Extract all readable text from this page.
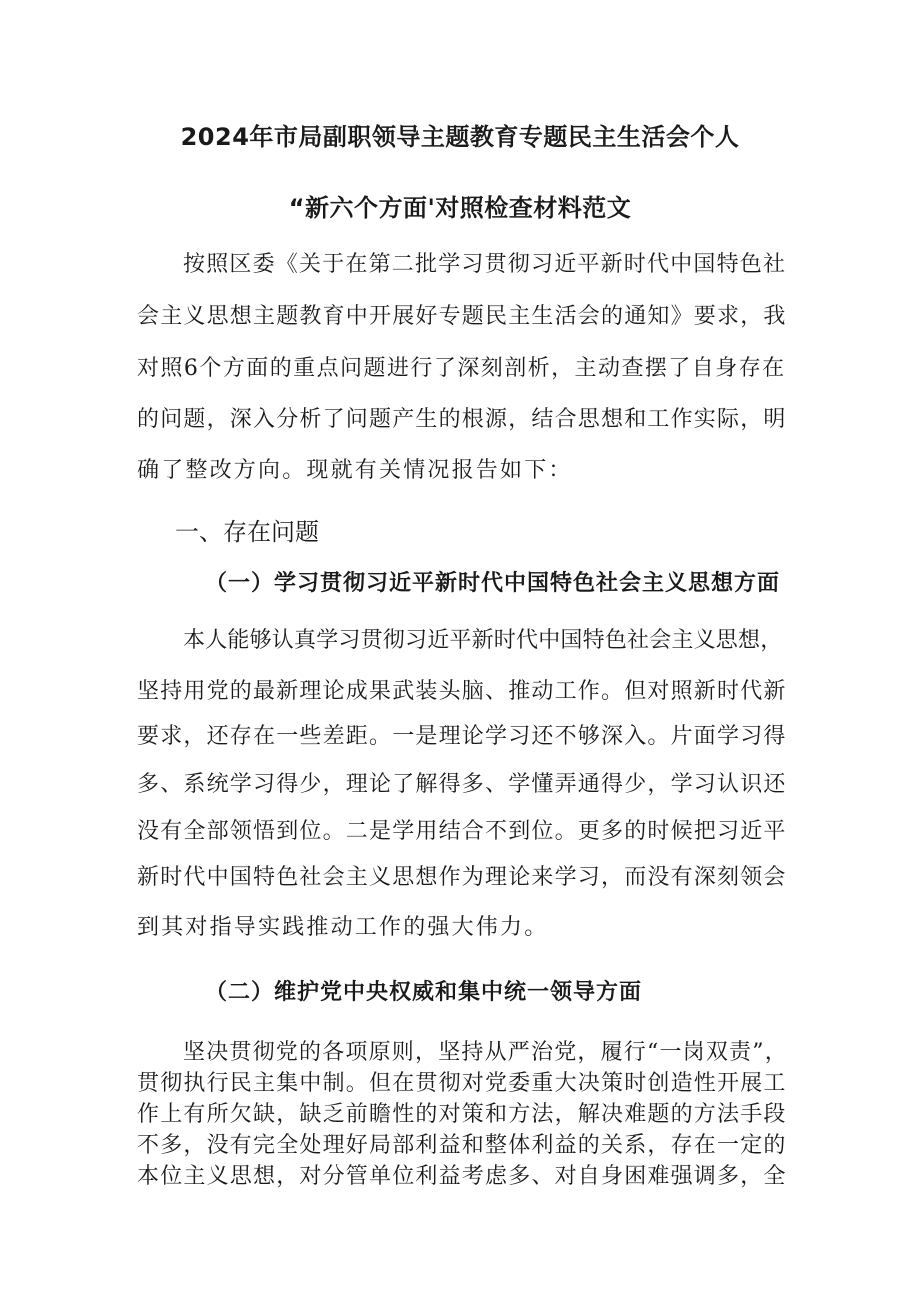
2024年市局副职领导主题教育专题民主生活会个人
“新六个方面'对照检查材料范文
按照区委《关于在第二批学习贯彻习近平新时代中国特色社
会主义思想主题教育中开展好专题民主生活会的通知》要求，我
对照6个方面的重点问题进行了深刻剖析，主动查摆了自身存在
的问题，深入分析了问题产生的根源，结合思想和工作实际，明
确了整改方向。现就有关情况报告如下：
一、存在问题
（一）学习贯彻习近平新时代中国特色社会主义思想方面
本人能够认真学习贯彻习近平新时代中国特色社会主义思想，
坚持用党的最新理论成果武装头脑、推动工作。但对照新时代新
要求，还存在一些差距。一是理论学习还不够深入。片面学习得
多、系统学习得少，理论了解得多、学懂弄通得少，学习认识还
没有全部领悟到位。二是学用结合不到位。更多的时候把习近平
新时代中国特色社会主义思想作为理论来学习，而没有深刻领会
到其对指导实践推动工作的强大伟力。
（二）维护党中央权威和集中统一领导方面
坚决贯彻党的各项原则，坚持从严治党，履行“一岗双责”，
贯彻执行民主集中制。但在贯彻对党委重大决策时创造性开展工
作上有所欠缺，缺乏前瞻性的对策和方法，解决难题的方法手段
不多，没有完全处理好局部利益和整体利益的关系，存在一定的
本位主义思想，对分管单位利益考虑多、对自身困难强调多，全
